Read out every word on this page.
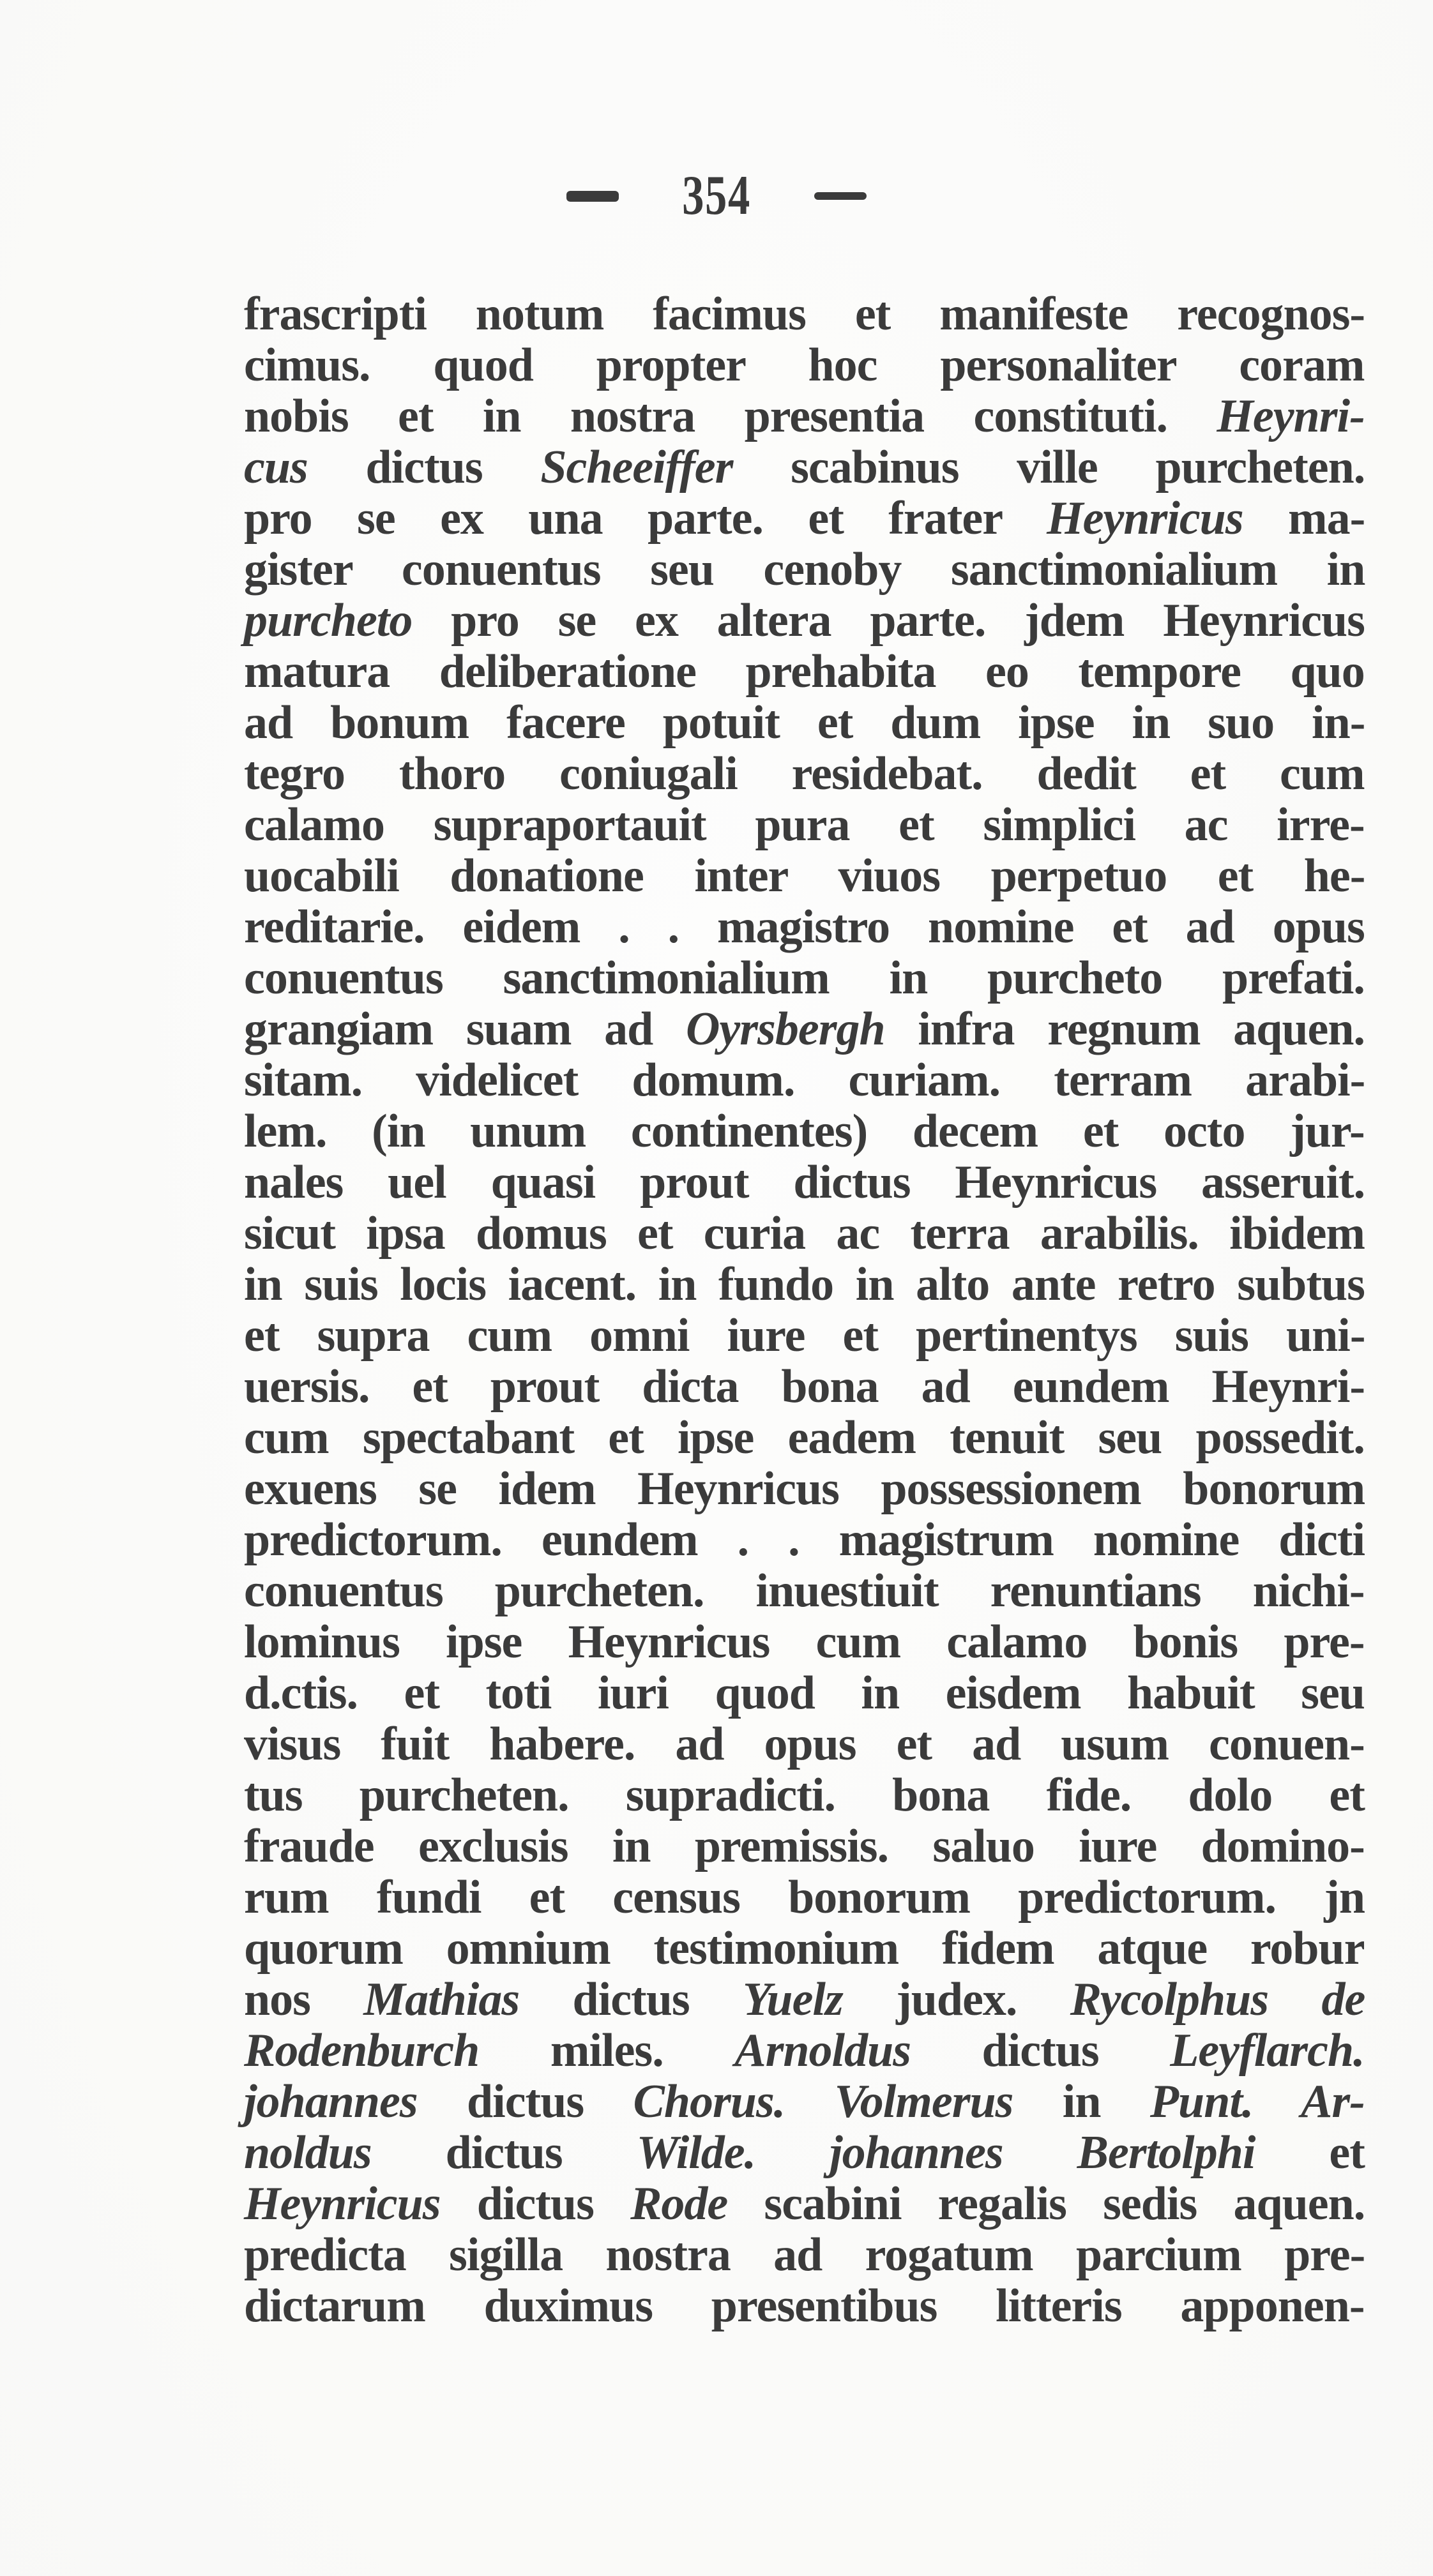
354
frascripti notum facimus et manifeste recognos-
cimus. quod propter hoc personaliter coram
nobis et in nostra presentia constituti. Heynri-
cus dictus Scheeiffer scabinus ville purcheten.
pro se ex una parte. et frater Heynricus ma-
gister conuentus seu cenoby sanctimonialium in
purcheto pro se ex altera parte. jdem Heynricus
matura deliberatione prehabita eo tempore quo
ad bonum facere potuit et dum ipse in suo in-
tegro thoro coniugali residebat. dedit et cum
calamo supraportauit pura et simplici ac irre-
uocabili donatione inter viuos perpetuo et he-
reditarie. eidem . . magistro nomine et ad opus
conuentus sanctimonialium in purcheto prefati.
grangiam suam ad Oyrsbergh infra regnum aquen.
sitam. videlicet domum. curiam. terram arabi-
lem. (in unum continentes) decem et octo jur-
nales uel quasi prout dictus Heynricus asseruit.
sicut ipsa domus et curia ac terra arabilis. ibidem
in suis locis iacent. in fundo in alto ante retro subtus
et supra cum omni iure et pertinentys suis uni-
uersis. et prout dicta bona ad eundem Heynri-
cum spectabant et ipse eadem tenuit seu possedit.
exuens se idem Heynricus possessionem bonorum
predictorum. eundem . . magistrum nomine dicti
conuentus purcheten. inuestiuit renuntians nichi-
lominus ipse Heynricus cum calamo bonis pre-
d.ctis. et toti iuri quod in eisdem habuit seu
visus fuit habere. ad opus et ad usum conuen-
tus purcheten. supradicti. bona fide. dolo et
fraude exclusis in premissis. saluo iure domino-
rum fundi et census bonorum predictorum. jn
quorum omnium testimonium fidem atque robur
nos Mathias dictus Yuelz judex. Rycolphus de
Rodenburch miles. Arnoldus dictus Leyflarch.
johannes dictus Chorus. Volmerus in Punt. Ar-
noldus dictus Wilde. johannes Bertolphi et
Heynricus dictus Rode scabini regalis sedis aquen.
predicta sigilla nostra ad rogatum parcium pre-
dictarum duximus presentibus litteris apponen-
